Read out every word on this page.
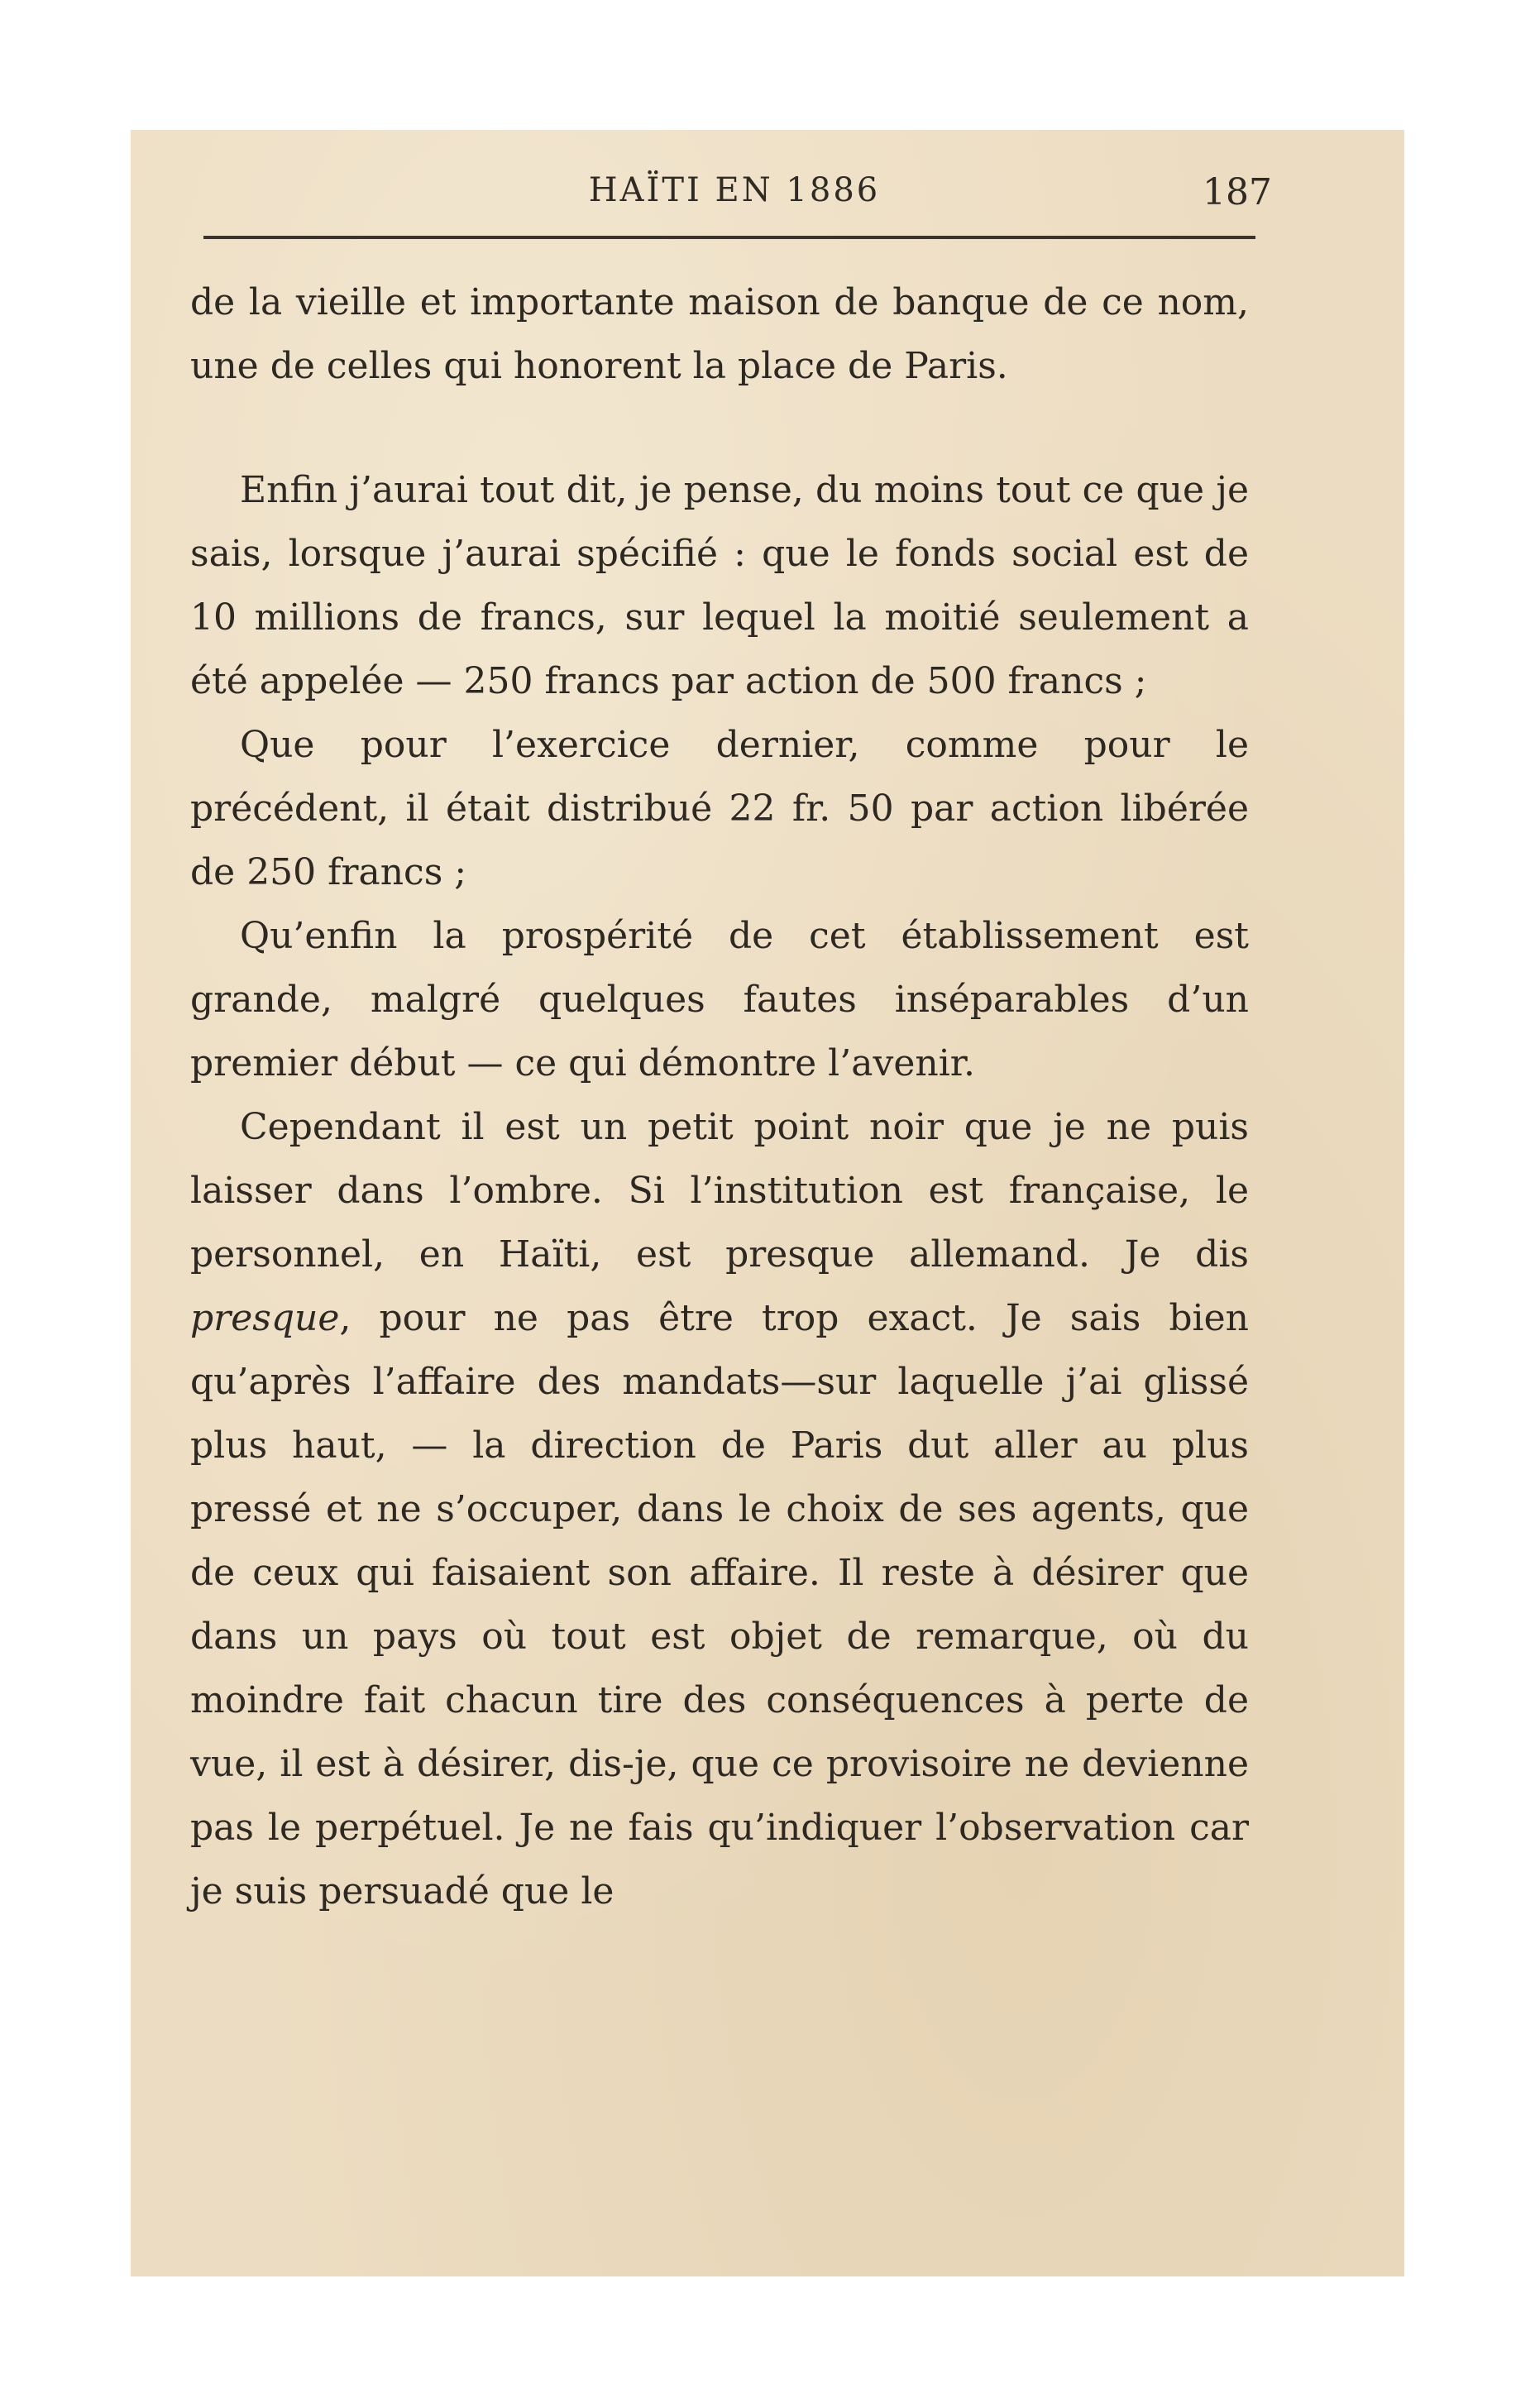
HAÏTI EN 1886	187

de la vieille et importante maison de banque de ce nom, une de celles qui honorent la place de Paris.

Enfin j’aurai tout dit, je pense, du moins tout ce que je sais, lorsque j’aurai spécifié : que le fonds social est de 10 millions de francs, sur lequel la moitié seulement a été appelée — 250 francs par action de 500 francs ;

Que pour l’exercice dernier, comme pour le précédent, il était distribué 22 fr. 50 par action libérée de 250 francs ;

Qu’enfin la prospérité de cet établissement est grande, malgré quelques fautes inséparables d’un premier début — ce qui démontre l’avenir.

Cependant il est un petit point noir que je ne puis laisser dans l’ombre. Si l’institution est française, le personnel, en Haïti, est presque allemand. Je dis presque, pour ne pas être trop exact. Je sais bien qu’après l’affaire des mandats—sur laquelle j’ai glissé plus haut, — la direction de Paris dut aller au plus pressé et ne s’occuper, dans le choix de ses agents, que de ceux qui faisaient son affaire. Il reste à désirer que dans un pays où tout est objet de remarque, où du moindre fait chacun tire des conséquences à perte de vue, il est à désirer, dis-je, que ce provisoire ne devienne pas le perpétuel. Je ne fais qu’indiquer l’observation car je suis persuadé que le
